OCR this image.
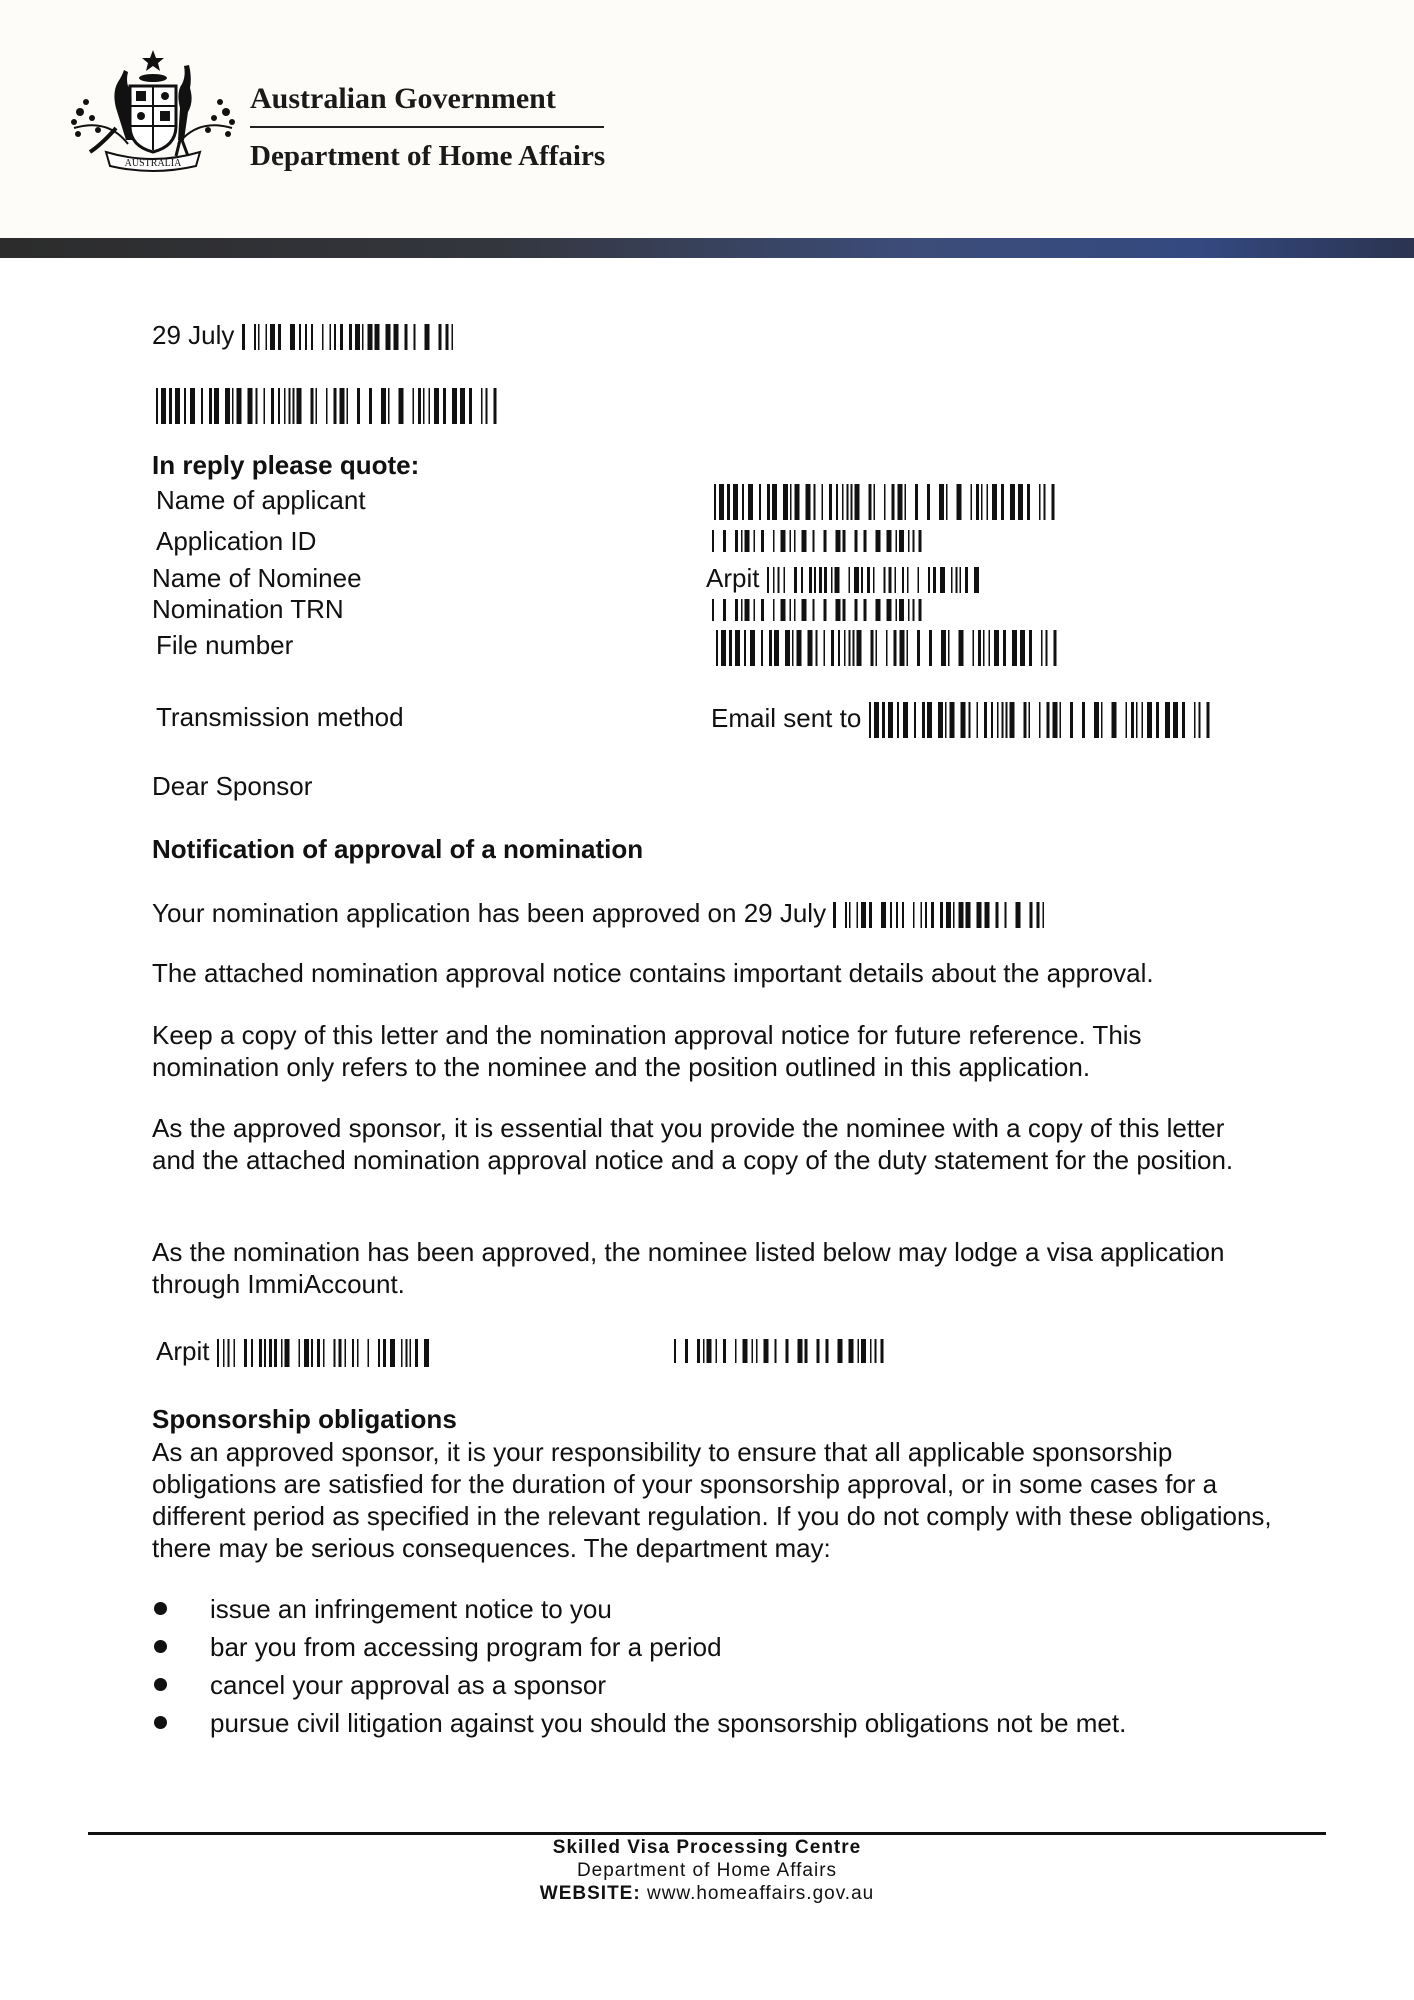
AUSTRALIA
Australian Government
Department of Home Affairs
29 July
In reply please quote:
Name of applicant
Application ID
Name of Nominee	Arpit
Nomination TRN
File number
Transmission method	Email sent to
Dear Sponsor
Notification of approval of a nomination
Your nomination application has been approved on 29 July
The attached nomination approval notice contains important details about the approval.
Keep a copy of this letter and the nomination approval notice for future reference. This nomination only refers to the nominee and the position outlined in this application.
As the approved sponsor, it is essential that you provide the nominee with a copy of this letter and the attached nomination approval notice and a copy of the duty statement for the position.
As the nomination has been approved, the nominee listed below may lodge a visa application through ImmiAccount.
Arpit
Sponsorship obligations
As an approved sponsor, it is your responsibility to ensure that all applicable sponsorship obligations are satisfied for the duration of your sponsorship approval, or in some cases for a different period as specified in the relevant regulation. If you do not comply with these obligations, there may be serious consequences. The department may:
issue an infringement notice to you
bar you from accessing program for a period
cancel your approval as a sponsor
pursue civil litigation against you should the sponsorship obligations not be met.
Skilled Visa Processing Centre
Department of Home Affairs
WEBSITE: www.homeaffairs.gov.au
